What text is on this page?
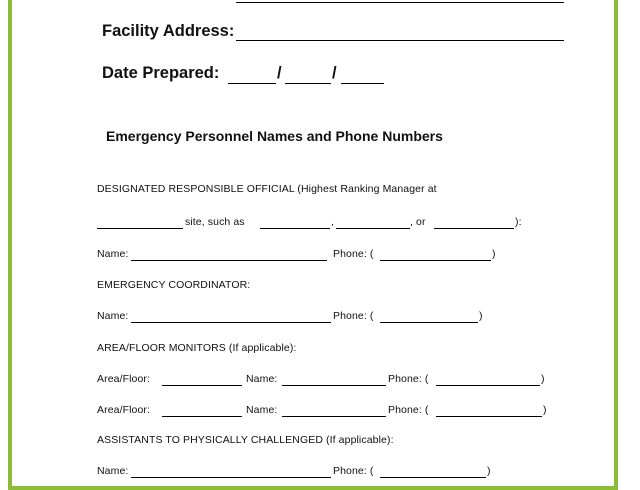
Facility Address:
Date Prepared:	/	/
Emergency Personnel Names and Phone Numbers
DESIGNATED RESPONSIBLE OFFICIAL (Highest Ranking Manager at
site, such as	,	, or	):
Name:	Phone: (	)
EMERGENCY COORDINATOR:
Name:	Phone: (	)
AREA/FLOOR MONITORS (If applicable):
Area/Floor:	Name:	Phone: (	)
Area/Floor:	Name:	Phone: (	)
ASSISTANTS TO PHYSICALLY CHALLENGED (If applicable):
Name:	Phone: (	)
